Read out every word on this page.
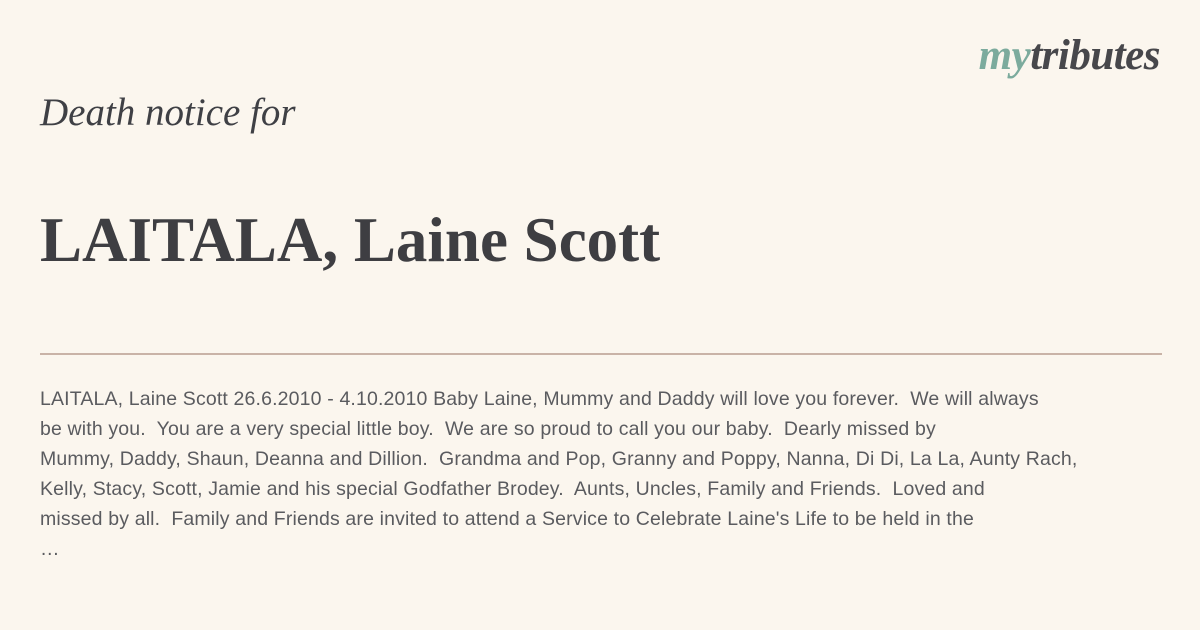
mytributes
Death notice for
LAITALA, Laine Scott
LAITALA, Laine Scott 26.6.2010 - 4.10.2010 Baby Laine, Mummy and Daddy will love you forever.  We will always
be with you.  You are a very special little boy.  We are so proud to call you our baby.  Dearly missed by
Mummy, Daddy, Shaun, Deanna and Dillion.  Grandma and Pop, Granny and Poppy, Nanna, Di Di, La La, Aunty Rach,
Kelly, Stacy, Scott, Jamie and his special Godfather Brodey.  Aunts, Uncles, Family and Friends.  Loved and
missed by all.  Family and Friends are invited to attend a Service to Celebrate Laine's Life to be held in the
…
